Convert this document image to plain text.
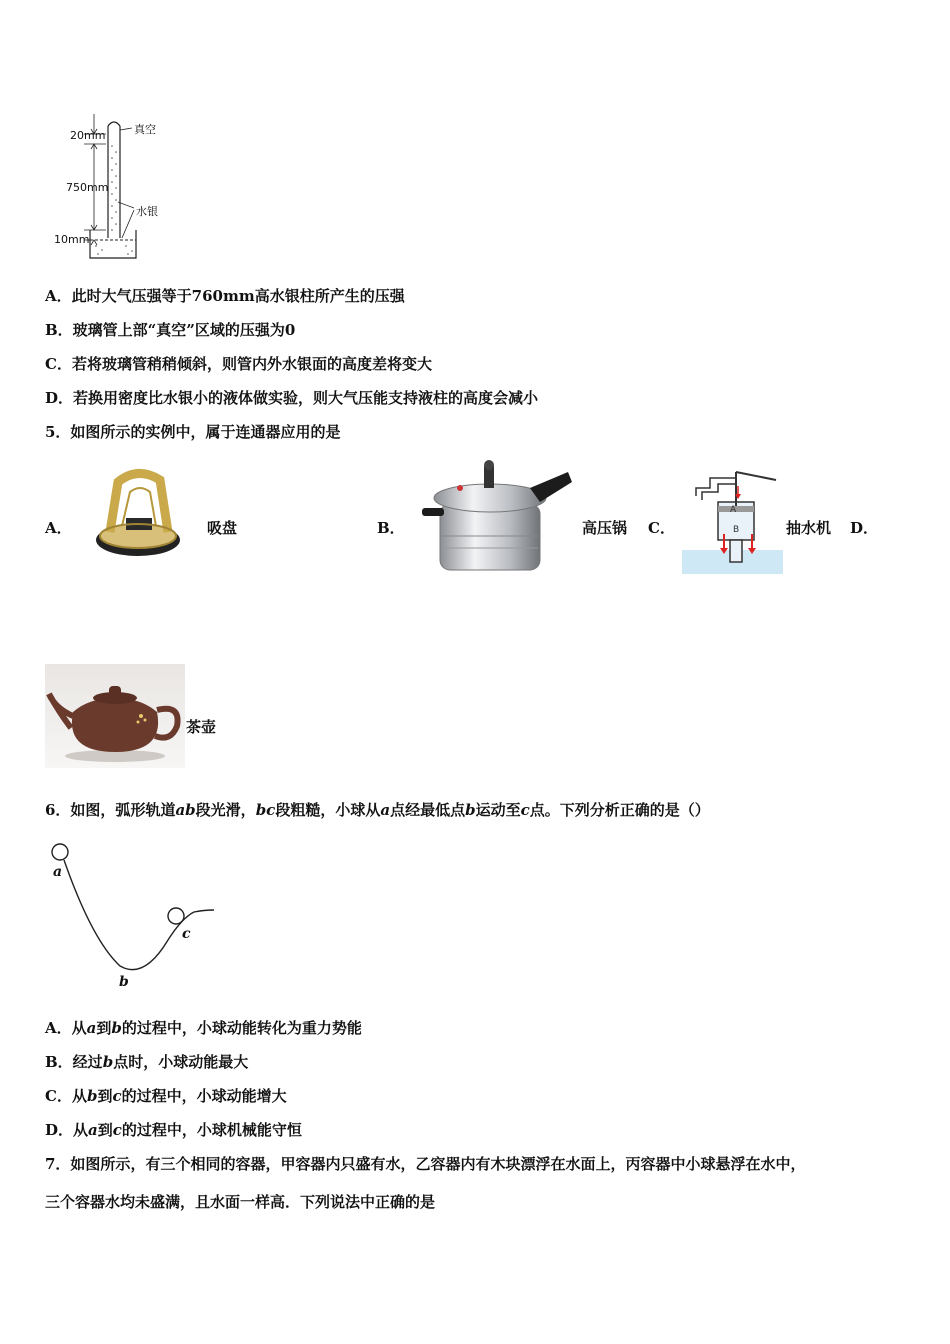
20mm
750mm
10mm
真空
水银
A．此时大气压强等于760mm高水银柱所产生的压强
B．玻璃管上部“真空”区域的压强为0
C．若将玻璃管稍稍倾斜，则管内外水银面的高度差将变大
D．若换用密度比水银小的液体做实验，则大气压能支持液柱的高度会减小
5．如图所示的实例中，属于连通器应用的是
A．	吸盘	B．	高压锅 C．
A
B	抽水机 D．
茶壶
6．如图，弧形轨道ab段光滑，bc段粗糙，小球从a点经最低点b运动至c点。下列分析正确的是（）
a
b
c
A．从a到b的过程中，小球动能转化为重力势能
B．经过b点时，小球动能最大
C．从b到c的过程中，小球动能增大
D．从a到c的过程中，小球机械能守恒
7．如图所示，有三个相同的容器，甲容器内只盛有水，乙容器内有木块漂浮在水面上，丙容器中小球悬浮在水中，
三个容器水均未盛满，且水面一样高．下列说法中正确的是
